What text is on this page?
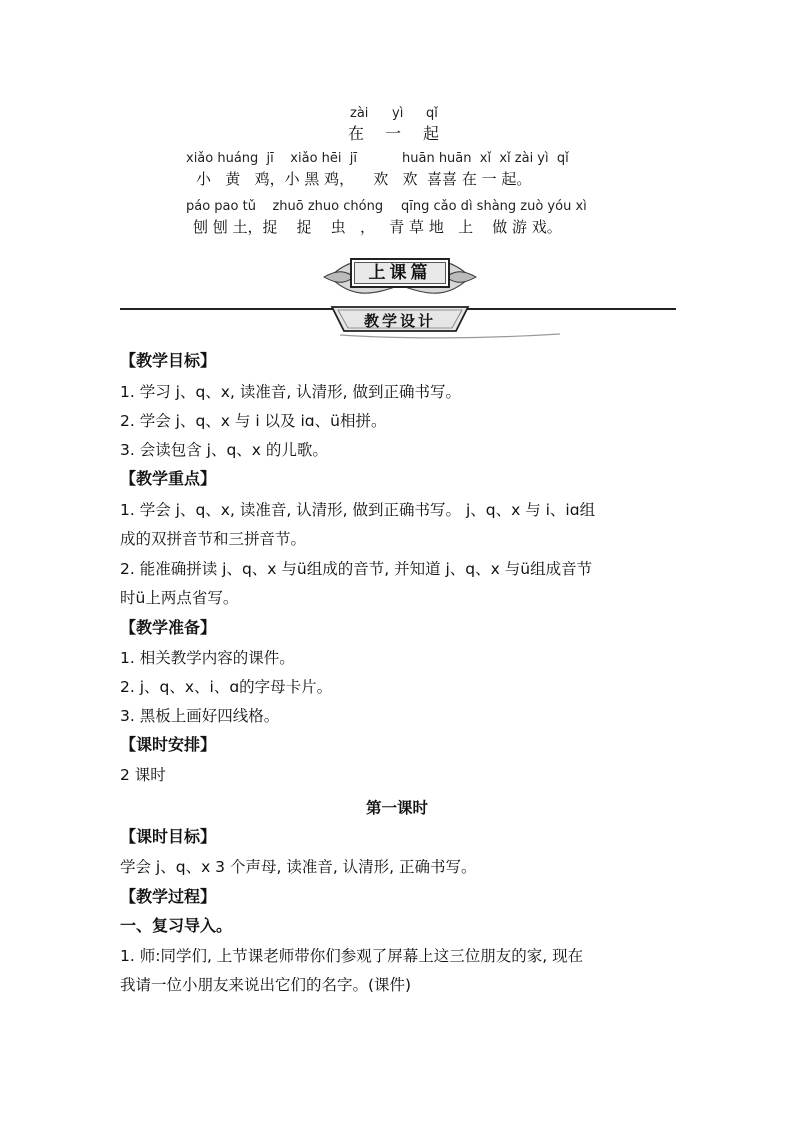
zài

yì

qǐ

在 一 起
xiǎo huáng  jī    xiǎo hēi  jī	huān huān  xǐ  xǐ zài yì  qǐ
小   黄   鸡，小 黑 鸡，    欢   欢  喜喜 在 一 起。
páo pao tǔ    zhuō zhuo chóng qīng cǎo dì shàng zuò yóu xì
刨 刨 土，捉    捉    虫   ，   青 草 地   上    做 游 戏。
上课篇
教学设计
【教学目标】
1. 学习 j、q、x, 读准音, 认清形, 做到正确书写。
2. 学会 j、q、x 与 i 以及 iɑ、ü相拼。
3. 会读包含 j、q、x 的儿歌。
【教学重点】
1. 学会 j、q、x, 读准音, 认清形, 做到正确书写。 j、q、x 与 i、iɑ组
成的双拼音节和三拼音节。
2. 能准确拼读 j、q、x 与ü组成的音节, 并知道 j、q、x 与ü组成音节
时ü上两点省写。
【教学准备】
1. 相关教学内容的课件。
2. j、q、x、i、ɑ的字母卡片。
3. 黑板上画好四线格。
【课时安排】
2 课时
第一课时
【课时目标】
学会 j、q、x 3 个声母, 读准音, 认清形, 正确书写。
【教学过程】
一、复习导入。
1. 师:同学们, 上节课老师带你们参观了屏幕上这三位朋友的家, 现在
我请一位小朋友来说出它们的名字。(课件)
